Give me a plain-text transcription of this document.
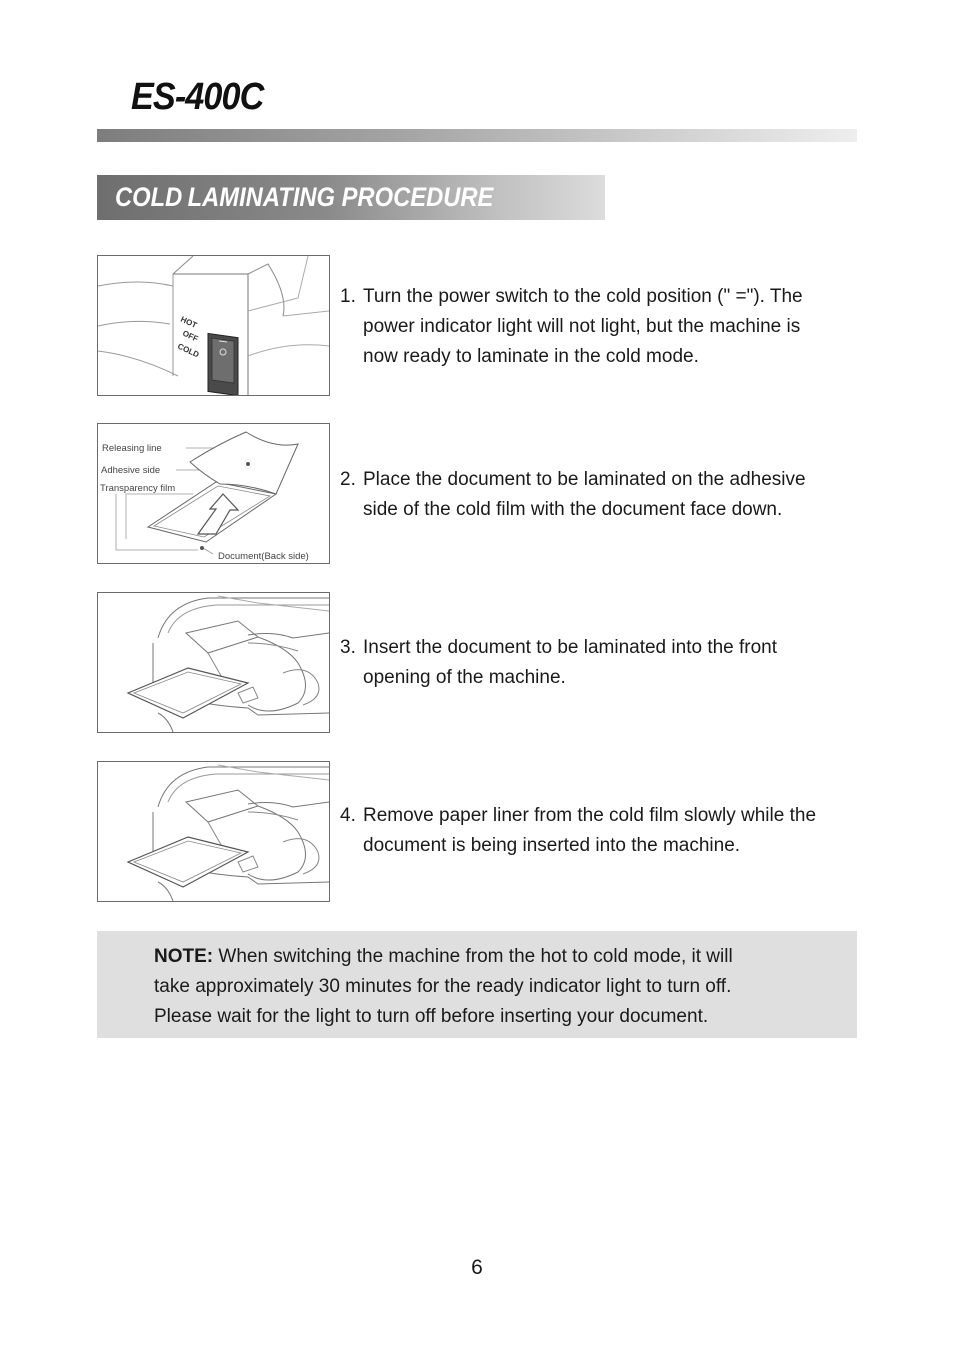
ES-400C
COLD LAMINATING PROCEDURE
HOT
OFF
COLD
1. Turn the power switch to the cold position (" ="). The
power indicator light will not light, but the machine is
now ready to laminate in the cold mode.
Releasing line
Adhesive side
Transparency film
Document(Back side)
2. Place the document to be laminated on the adhesive
side of the cold film with the document face down.
3. Insert the document to be laminated into the front
opening of the machine.
4. Remove paper liner from the cold film slowly while the
document is being inserted into the machine.
NOTE: When switching the machine from the hot to cold mode, it will
take approximately 30 minutes for the ready indicator light to turn off.
Please wait for the light to turn off before inserting your document.
6
